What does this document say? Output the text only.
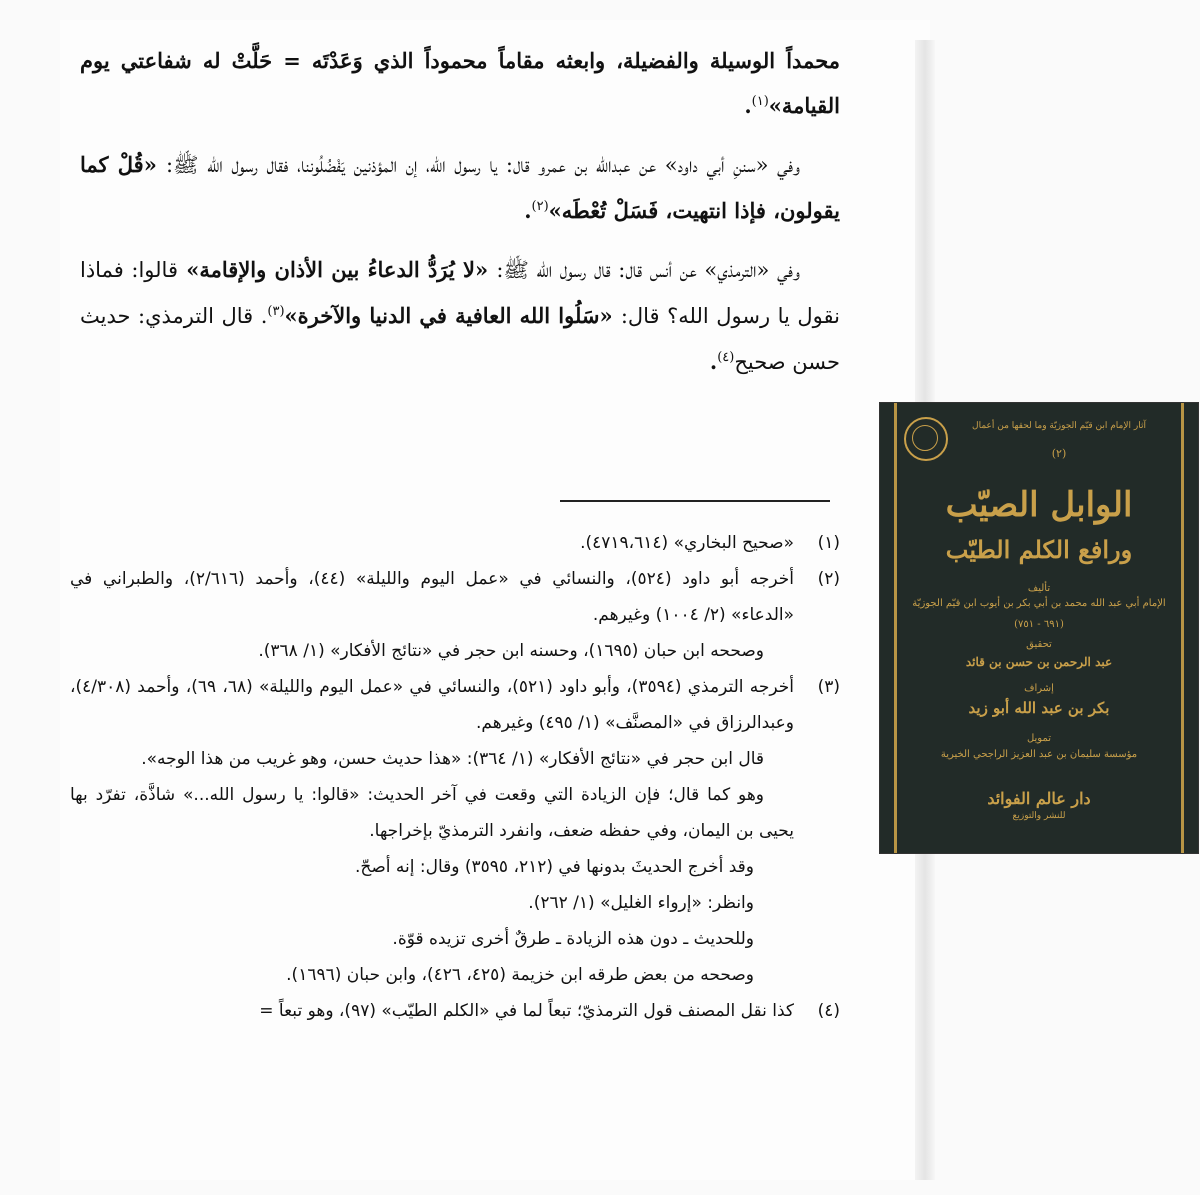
محمداً الوسيلة والفضيلة، وابعثه مقاماً محموداً الذي وَعَدْتَه = حَلَّتْ له شفاعتي يوم القيامة»$^{(١)}$.

وفي «سننِ أبي داود» عن عبدالله بن عمرو قال: يا رسول الله، إن المؤذنين يَفْضُلُوننا، فقال رسول الله ﷺ: «قُلْ كما يقولون، فإذا انتهيت، فَسَلْ تُعْطَه»$^{(٢)}$.

وفي «الترمذي» عن أنس قال: قال رسول الله ﷺ: «لا يُرَدُّ الدعاءُ بين الأذان والإقامة» قالوا: فماذا نقول يا رسول الله؟ قال: «سَلُوا الله العافية في الدنيا والآخرة»$^{(٣)}$. قال الترمذي: حديث حسن صحيح$^{(٤)}$.

(١)
«صحيح البخاري» (٤٧١٩،٦١٤).
(٢)
أخرجه أبو داود (٥٢٤)، والنسائي في «عمل اليوم والليلة» (٤٤)، وأحمد (٢/٦١٦)، والطبراني في «الدعاء» (٢/ ١٠٠٤) وغيرهم.
وصححه ابن حبان (١٦٩٥)، وحسنه ابن حجر في «نتائج الأفكار» (١/ ٣٦٨).
(٣)
أخرجه الترمذي (٣٥٩٤)، وأبو داود (٥٢١)، والنسائي في «عمل اليوم والليلة» (٦٨، ٦٩)، وأحمد (٤/٣٠٨)، وعبدالرزاق في «المصنَّف» (١/ ٤٩٥) وغيرهم.
قال ابن حجر في «نتائج الأفكار» (١/ ٣٦٤): «هذا حديث حسن، وهو غريب من هذا الوجه».
وهو كما قال؛ فإن الزيادة التي وقعت في آخر الحديث: «قالوا: يا رسول الله...» شاذَّة، تفرّد بها يحيى بن اليمان، وفي حفظه ضعف، وانفرد الترمذيّ بإخراجها.
وقد أخرج الحديثَ بدونها في (٢١٢، ٣٥٩٥) وقال: إنه أصحّ.
وانظر: «إرواء الغليل» (١/ ٢٦٢).
وللحديث ـ دون هذه الزيادة ـ طرقٌ أخرى تزيده قوّة.
وصححه من بعض طرقه ابن خزيمة (٤٢٥، ٤٢٦)، وابن حبان (١٦٩٦).
(٤)
كذا نقل المصنف قول الترمذيّ؛ تبعاً لما في «الكلم الطيّب» (٩٧)، وهو تبعاً =
آثار الإمام ابن قيّم الجوزيّة وما لحقها من أعمال
(٢)
الوابل الصيّب
ورافع الكلم الطيّب
تأليف
الإمام أبي عبد الله محمد بن أبي بكر بن أيوب ابن قيّم الجوزيّة
(٦٩١ - ٧٥١)
تحقيق
عبد الرحمن بن حسن بن قائد
إشراف
بكر بن عبد الله أبو زيد
تمويل
مؤسسة سليمان بن عبد العزيز الراجحي الخيرية
دار عالم الفوائد
للنشر والتوزيع
